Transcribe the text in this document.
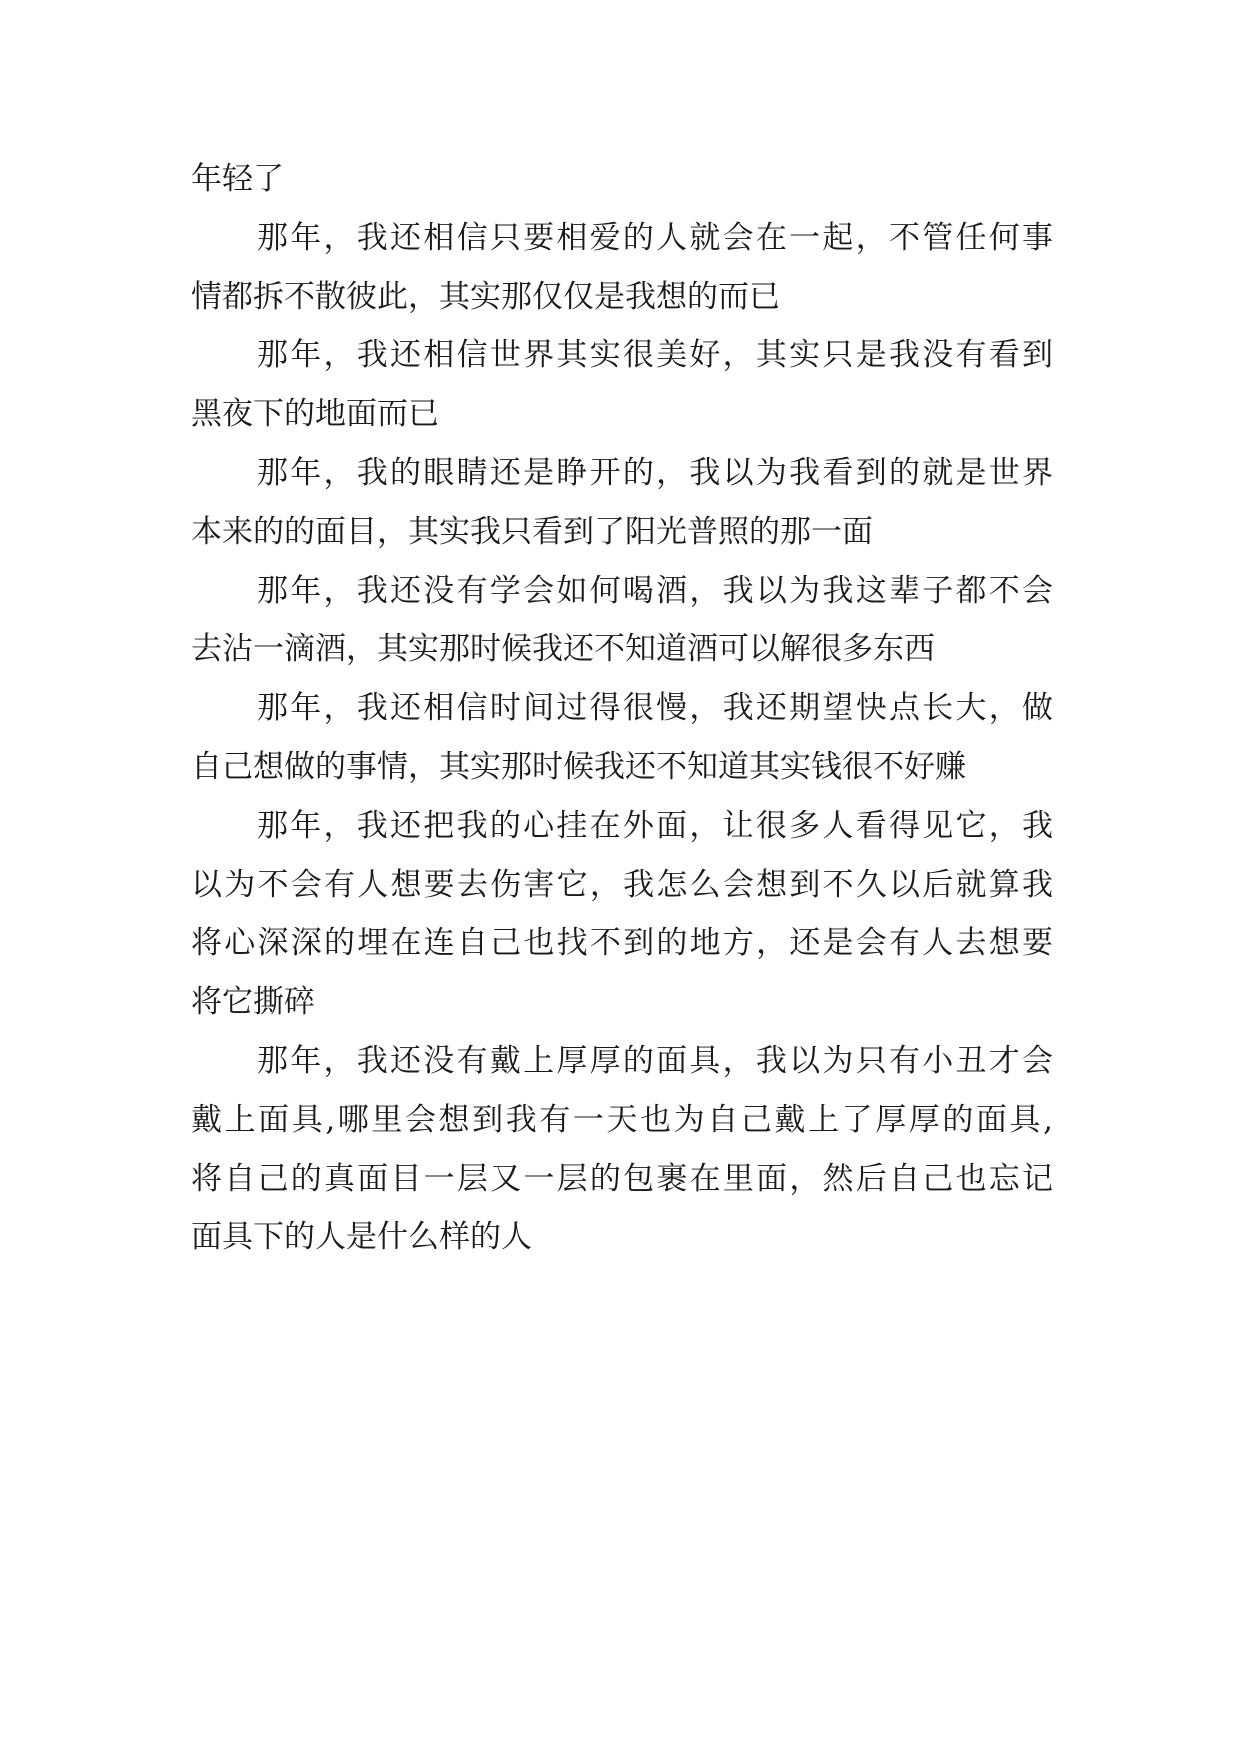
年轻了
那年，我还相信只要相爱的人就会在一起，不管任何事
情都拆不散彼此，其实那仅仅是我想的而已
那年，我还相信世界其实很美好，其实只是我没有看到
黑夜下的地面而已
那年，我的眼睛还是睁开的，我以为我看到的就是世界
本来的的面目，其实我只看到了阳光普照的那一面
那年，我还没有学会如何喝酒，我以为我这辈子都不会
去沾一滴酒，其实那时候我还不知道酒可以解很多东西
那年，我还相信时间过得很慢，我还期望快点长大，做
自己想做的事情，其实那时候我还不知道其实钱很不好赚
那年，我还把我的心挂在外面，让很多人看得见它，我
以为不会有人想要去伤害它，我怎么会想到不久以后就算我
将心深深的埋在连自己也找不到的地方，还是会有人去想要
将它撕碎
那年，我还没有戴上厚厚的面具，我以为只有小丑才会
戴上面具,哪里会想到我有一天也为自己戴上了厚厚的面具,
将自己的真面目一层又一层的包裹在里面，然后自己也忘记
面具下的人是什么样的人
